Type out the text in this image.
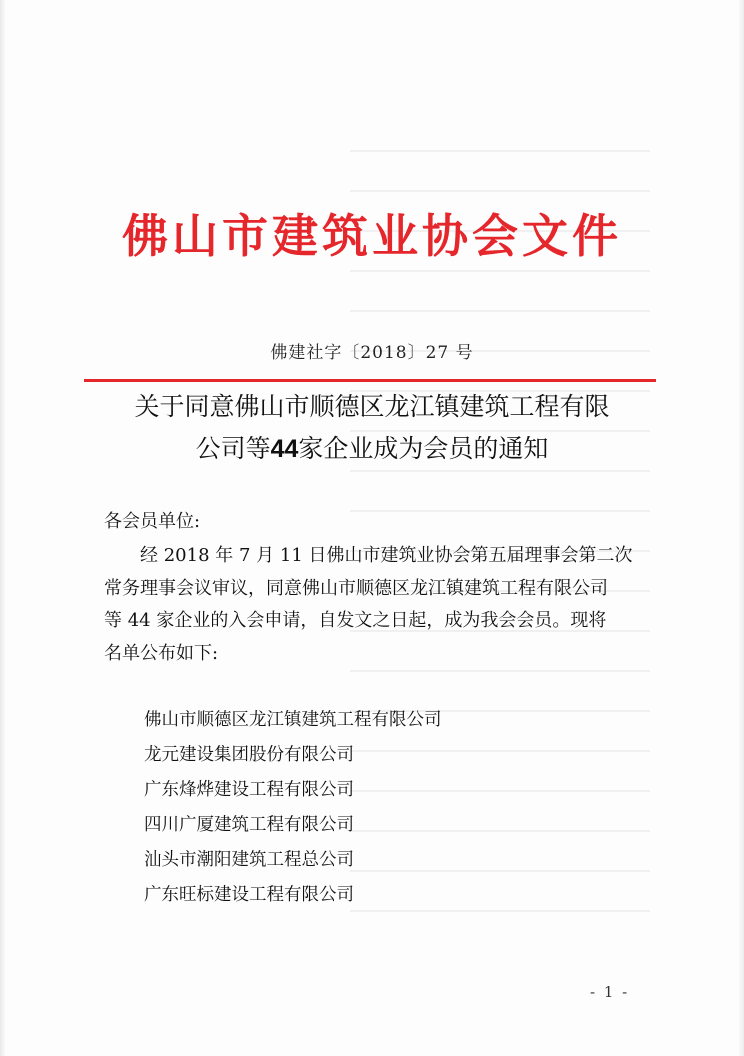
佛山市建筑业协会文件
佛建社字〔2018〕27 号
关于同意佛山市顺德区龙江镇建筑工程有限
公司等44家企业成为会员的通知
各会员单位:
经 2018 年 7 月 11 日佛山市建筑业协会第五届理事会第二次
常务理事会议审议，同意佛山市顺德区龙江镇建筑工程有限公司
等 44 家企业的入会申请，自发文之日起，成为我会会员。现将
名单公布如下:
佛山市顺德区龙江镇建筑工程有限公司
龙元建设集团股份有限公司
广东烽烨建设工程有限公司
四川广厦建筑工程有限公司
汕头市潮阳建筑工程总公司
广东旺标建设工程有限公司
- 1 -
